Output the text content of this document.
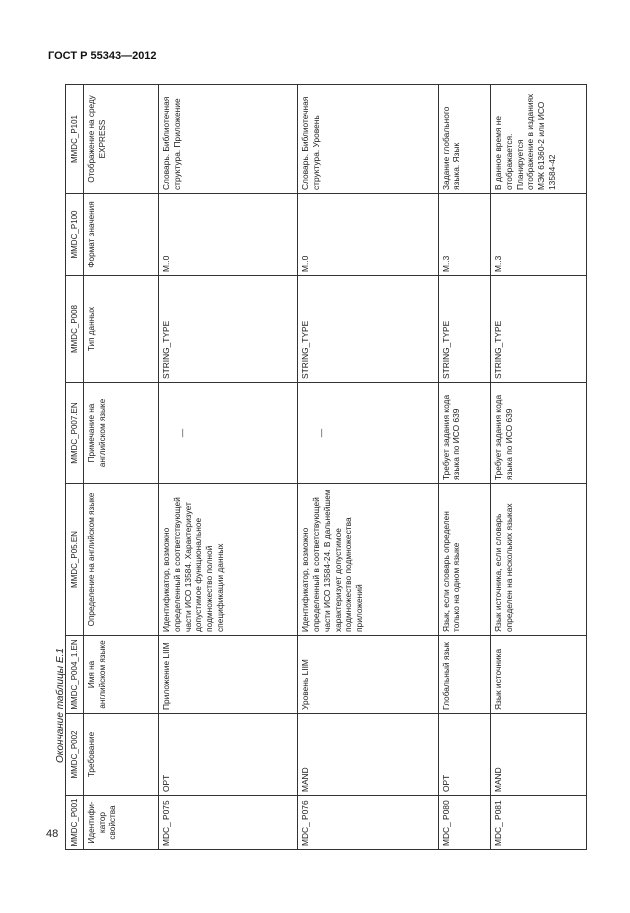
ГОСТ Р 55343—2012
Окончание таблицы Е.1
MMDC_P001	MMDC_P002	MMDC_P004_1.EN	MMDC_P05.EN	MMDC_P007.EN	MMDC_P008	MMDC_P100	MMDC_P101
Идентифи-катор свойства	Требование	Имя на английском языке	Определение на английском языке	Примечание на английском языке	Тип данных	Формат значения	Отображение на среду EXPRESS
MDC_ P075	OPT	Приложение LIIM	Идентификатор, возможно определенный в соответствующей части ИСО 13584. Характеризует допустимое функциональное подмножество полной спецификации данных	—	STRING_TYPE	M..0	Словарь. Библиотечная структура. Приложение
MDC_ P076	MAND	Уровень LIIM	Идентификатор, возможно определенный в соответствующей части ИСО 13584-24. В дальнейшем характеризует допустимое подмножество подмножества приложений	—	STRING_TYPE	M..0	Словарь. Библиотечная структура. Уровень
MDC_ P080	OPT	Глобальный язык	Язык, если словарь определен только на одном языке	Требует задания кода языка по ИСО 639	STRING_TYPE	M..3	Задание глобального языка. Язык
MDC_ P081	MAND	Язык источника	Язык источника, если словарь определен на нескольких языках	Требует задания кода языка по ИСО 639	STRING_TYPE	M..3	В данное время не отображается. Планируется отображение в изданиях МЭК 61360-2 или ИСО 13584-42
48
